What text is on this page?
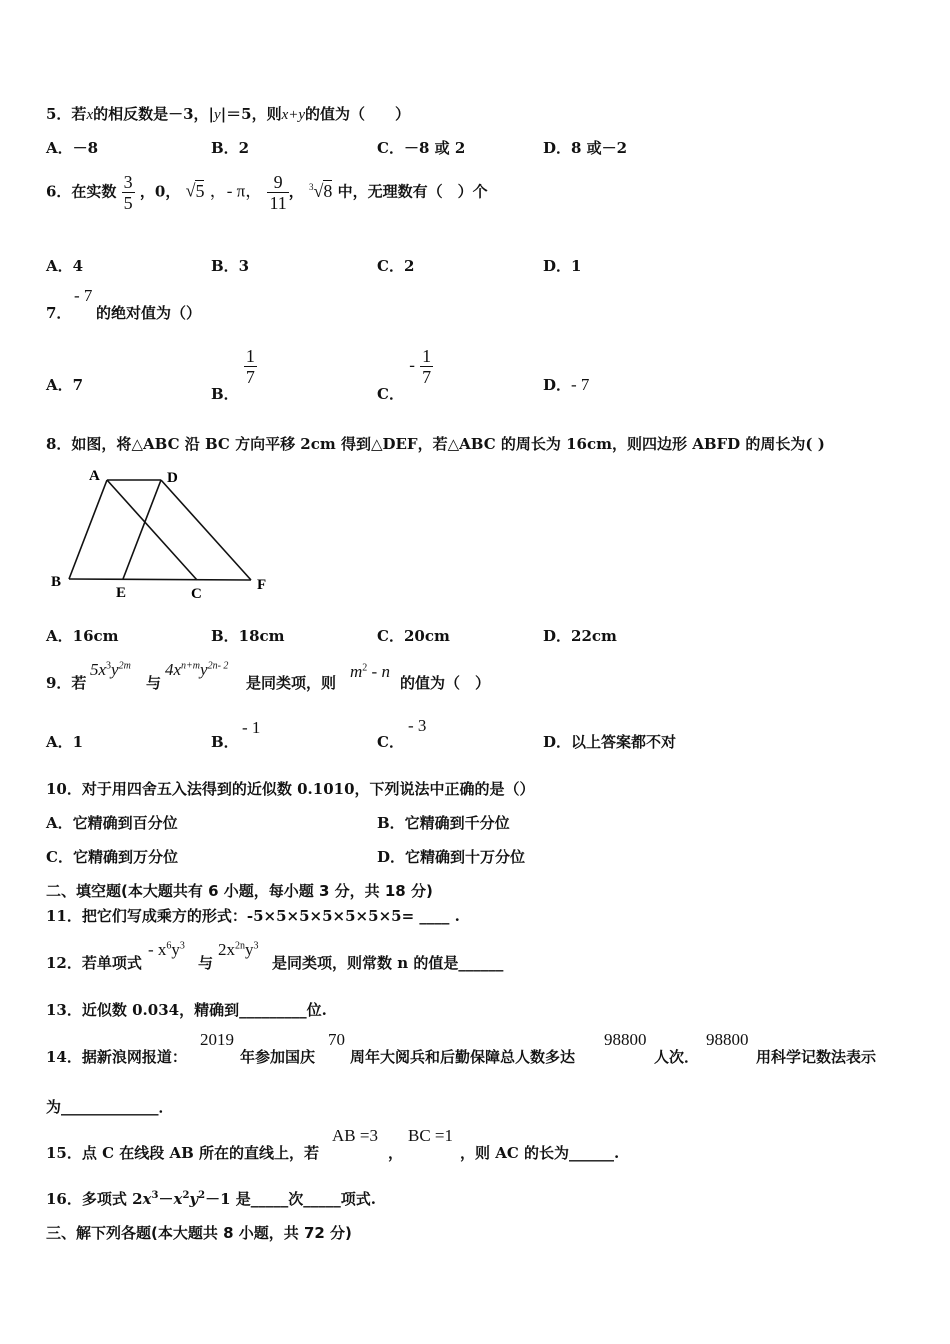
5．若x的相反数是－3，|y|＝5，则x+y的值为（　　）
A．－8	B．2	C．－8 或 2	D．8 或－2
6．在实数 $\frac{3}{5}$ ，0， √5 ，- π， $\frac{9}{11}$ ， $^3$√8 中，无理数有（　）个
A．4	B．3	C．2	D．1
7．
- 7
的绝对值为（）
A．7	B．
$\frac{1}{7}$
C． - $\frac{1}{7}$	D．- 7
8．如图，将△ABC 沿 BC 方向平移 2cm 得到△DEF，若△ABC 的周长为 16cm，则四边形 ABFD 的周长为( )
A	D
B
E	C
F
A．16cm	B．18cm	C．20cm	D．22cm
9．若
$5x^3y^{2m}$
与
$4x^{n+m}y^{2n- 2}$
是同类项，则
$m^2$ - n
的值为（　）
A．1	B．
- 1
C．
- 3
D．以上答案都不对
10．对于用四舍五入法得到的近似数 0.1010，下列说法中正确的是（）
A．它精确到百分位	B．它精确到千分位
C．它精确到万分位	D．它精确到十万分位
二、填空题(本大题共有 6 小题，每小题 3 分，共 18 分)
11．把它们写成乘方的形式：-5×5×5×5×5×5×5= ____ .
12．若单项式
- $x^6y^3$
与
$2x^{2n}y^3$
是同类项，则常数 n 的值是______
13．近似数 0.034，精确到_________位.
14．据新浪网报道：
2019
年参加国庆
70
周年大阅兵和后勤保障总人数多达
98800
人次．
98800
用科学记数法表示
为_____________．
15．点 C 在线段 AB 所在的直线上，若
AB =3
，
BC =1
，则 AC 的长为______.
16．多项式 $2x^3-x^2y^2-1$ 是_____次_____项式.
三、解下列各题(本大题共 8 小题，共 72 分)
